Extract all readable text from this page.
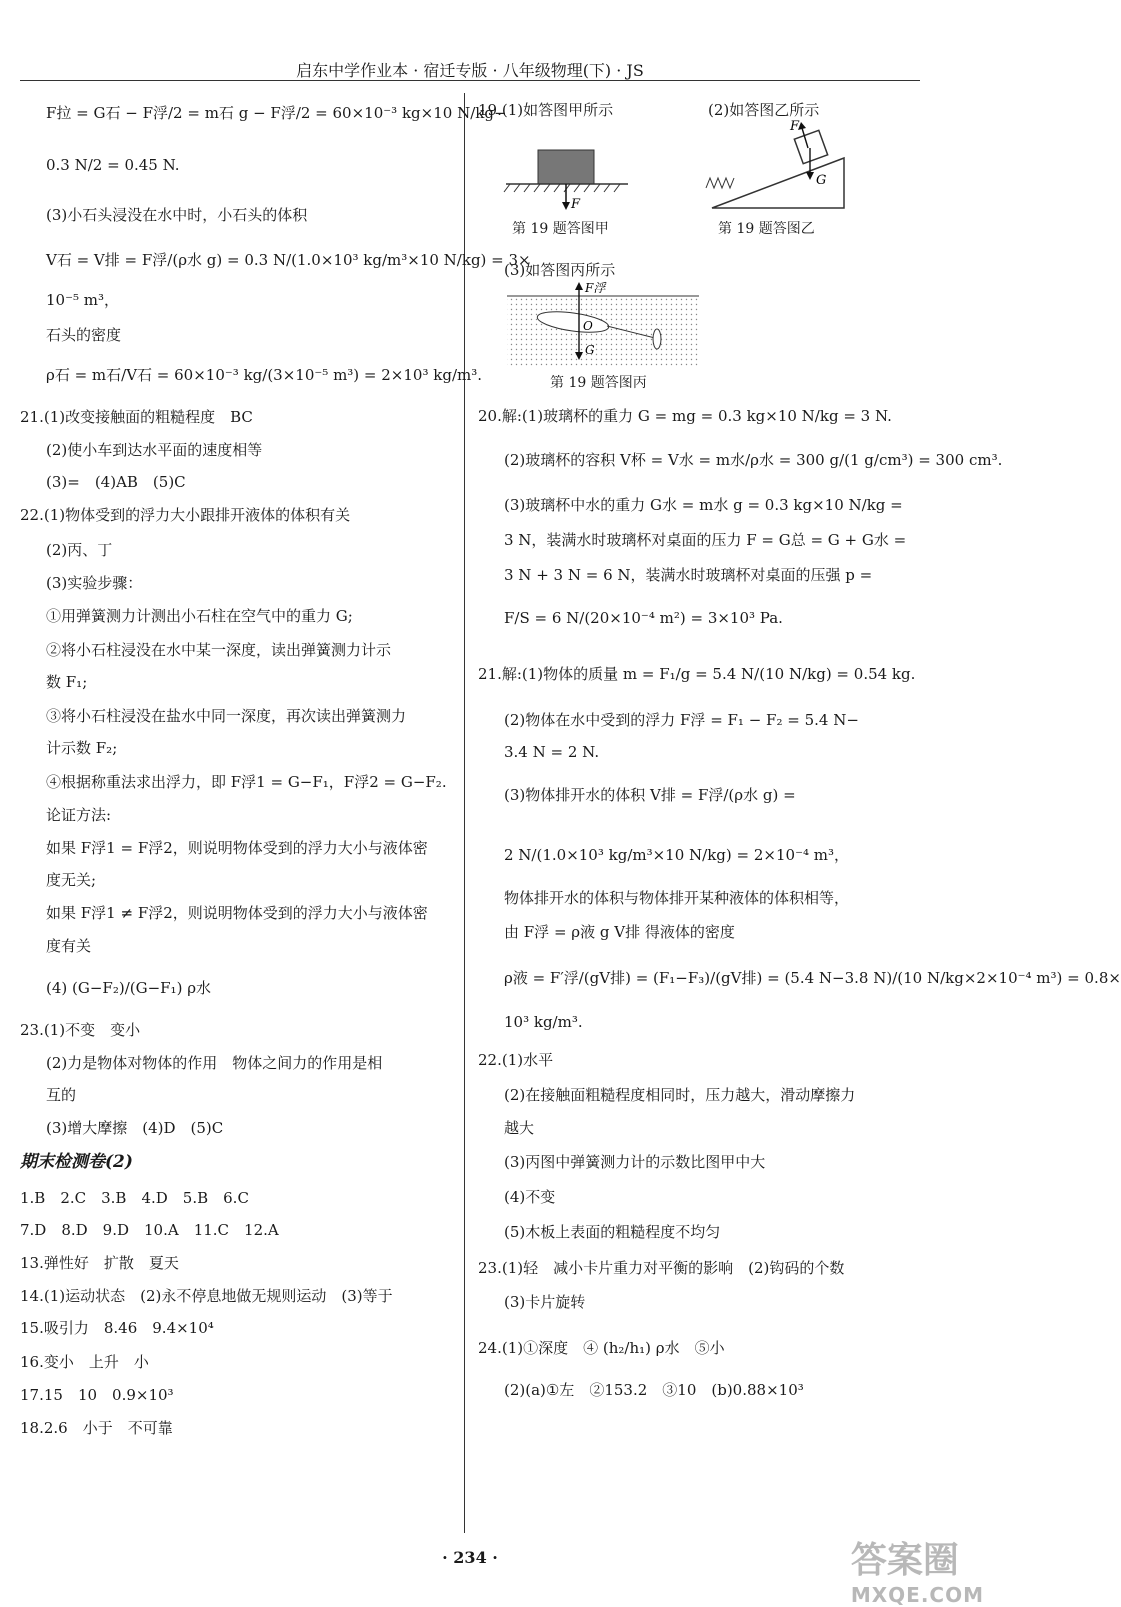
启东中学作业本 · 宿迁专版 · 八年级物理(下) · JS
F拉 = G石 − F浮/2 = m石 g − F浮/2 = 60×10⁻³ kg×10 N/kg−
0.3 N/2 = 0.45 N.
(3)小石头浸没在水中时，小石头的体积
V石 = V排 = F浮/(ρ水 g) = 0.3 N/(1.0×10³ kg/m³×10 N/kg) = 3×
10⁻⁵ m³，
石头的密度
ρ石 = m石/V石 = 60×10⁻³ kg/(3×10⁻⁵ m³) = 2×10³ kg/m³.
21.(1)改变接触面的粗糙程度　BC
(2)使小车到达水平面的速度相等
(3)=　(4)AB　(5)C
22.(1)物体受到的浮力大小跟排开液体的体积有关
(2)丙、丁
(3)实验步骤：
①用弹簧测力计测出小石柱在空气中的重力 G;
②将小石柱浸没在水中某一深度，读出弹簧测力计示
数 F₁;
③将小石柱浸没在盐水中同一深度，再次读出弹簧测力
计示数 F₂;
④根据称重法求出浮力，即 F浮1 = G−F₁，F浮2 = G−F₂.
论证方法:
如果 F浮1 = F浮2，则说明物体受到的浮力大小与液体密
度无关;
如果 F浮1 ≠ F浮2，则说明物体受到的浮力大小与液体密
度有关
(4) (G−F₂)/(G−F₁) ρ水
23.(1)不变　变小
(2)力是物体对物体的作用　物体之间力的作用是相
互的
(3)增大摩擦　(4)D　(5)C
期末检测卷(2)
1.B　2.C　3.B　4.D　5.B　6.C
7.D　8.D　9.D　10.A　11.C　12.A
13.弹性好　扩散　夏天
14.(1)运动状态　(2)永不停息地做无规则运动　(3)等于
15.吸引力　8.46　9.4×10⁴
16.变小　上升　小
17.15　10　0.9×10³
18.2.6　小于　不可靠
19.(1)如答图甲所示	(2)如答图乙所示
(3)如答图丙所示
20.解:(1)玻璃杯的重力 G = mg = 0.3 kg×10 N/kg = 3 N.
(2)玻璃杯的容积 V杯 = V水 = m水/ρ水 = 300 g/(1 g/cm³) = 300 cm³.
(3)玻璃杯中水的重力 G水 = m水 g = 0.3 kg×10 N/kg =
3 N，装满水时玻璃杯对桌面的压力 F = G总 = G + G水 =
3 N + 3 N = 6 N，装满水时玻璃杯对桌面的压强 p =
F/S = 6 N/(20×10⁻⁴ m²) = 3×10³ Pa.
21.解:(1)物体的质量 m = F₁/g = 5.4 N/(10 N/kg) = 0.54 kg.
(2)物体在水中受到的浮力 F浮 = F₁ − F₂ = 5.4 N−
3.4 N = 2 N.
(3)物体排开水的体积 V排 = F浮/(ρ水 g) =
2 N/(1.0×10³ kg/m³×10 N/kg) = 2×10⁻⁴ m³，
物体排开水的体积与物体排开某种液体的体积相等，
由 F浮 = ρ液 g V排 得液体的密度
ρ液 = F′浮/(gV排) = (F₁−F₃)/(gV排) = (5.4 N−3.8 N)/(10 N/kg×2×10⁻⁴ m³) = 0.8×
10³ kg/m³.
22.(1)水平
(2)在接触面粗糙程度相同时，压力越大，滑动摩擦力
越大
(3)丙图中弹簧测力计的示数比图甲中大
(4)不变
(5)木板上表面的粗糙程度不均匀
23.(1)轻　减小卡片重力对平衡的影响　(2)钩码的个数
(3)卡片旋转
24.(1)①深度　④ (h₂/h₁) ρ水　⑤小
(2)(a)①左　②153.2　③10　(b)0.88×10³
F
第 19 题答图甲
F
G
第 19 题答图乙
F浮
G
O
第 19 题答图丙
· 234 ·	答案圈
MXQE.COM
